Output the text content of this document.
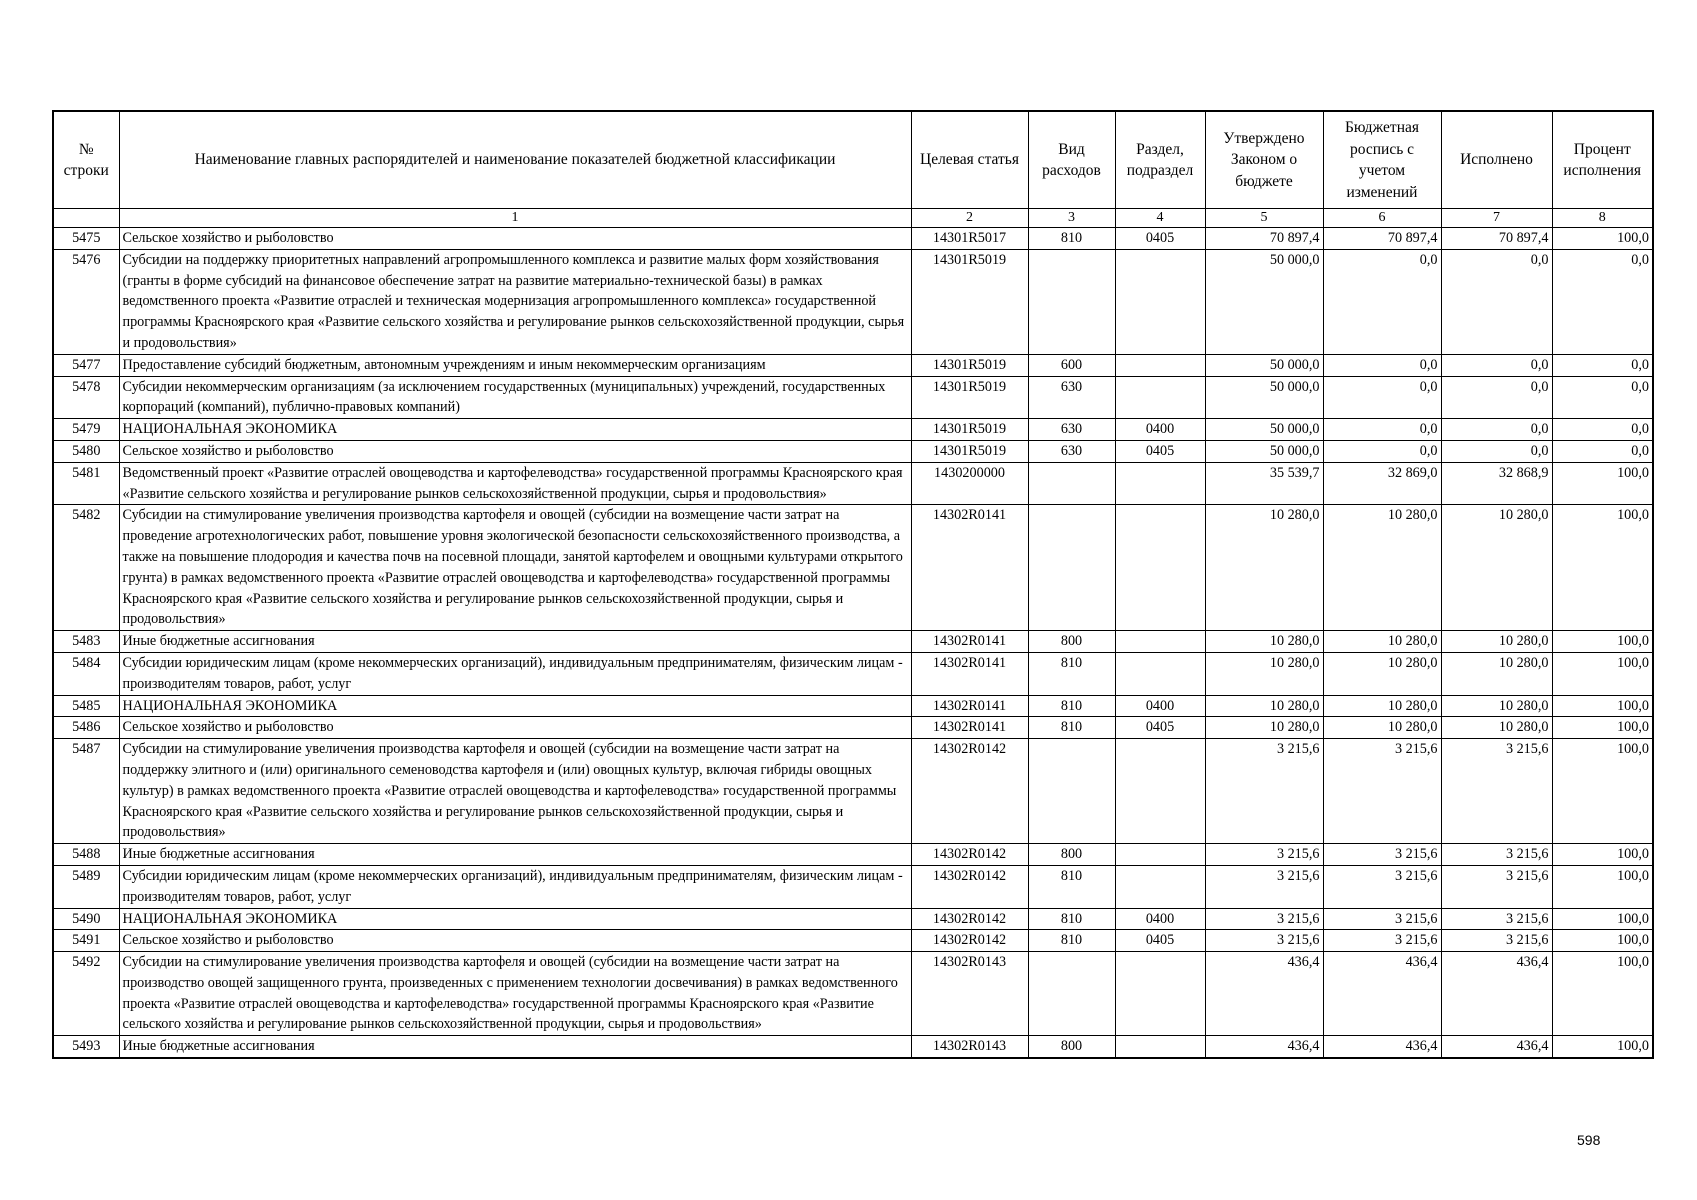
№ строки	Наименование главных распорядителей и наименование показателей бюджетной классификации	Целевая статья	Вид расходов	Раздел, подраздел	Утверждено Законом о бюджете	Бюджетная роспись с учетом изменений	Исполнено	Процент исполнения
	1	2	3	4	5	6	7	8
5475	Сельское хозяйство и рыболовство	14301R5017	810	0405	70 897,4	70 897,4	70 897,4	100,0
5476	Субсидии на поддержку приоритетных направлений агропромышленного комплекса и развитие малых форм хозяйствования (гранты в форме субсидий на финансовое обеспечение затрат на развитие материально-технической базы) в рамках ведомственного проекта «Развитие отраслей и техническая модернизация агропромышленного комплекса» государственной программы Красноярского края «Развитие сельского хозяйства и регулирование рынков сельскохозяйственной продукции, сырья и продовольствия»	14301R5019			50 000,0	0,0	0,0	0,0
5477	Предоставление субсидий бюджетным, автономным учреждениям и иным некоммерческим организациям	14301R5019	600		50 000,0	0,0	0,0	0,0
5478	Субсидии некоммерческим организациям (за исключением государственных (муниципальных) учреждений, государственных корпораций (компаний), публично-правовых компаний)	14301R5019	630		50 000,0	0,0	0,0	0,0
5479	НАЦИОНАЛЬНАЯ ЭКОНОМИКА	14301R5019	630	0400	50 000,0	0,0	0,0	0,0
5480	Сельское хозяйство и рыболовство	14301R5019	630	0405	50 000,0	0,0	0,0	0,0
5481	Ведомственный проект «Развитие отраслей овощеводства и картофелеводства» государственной программы Красноярского края «Развитие сельского хозяйства и регулирование рынков сельскохозяйственной продукции, сырья и продовольствия»	1430200000			35 539,7	32 869,0	32 868,9	100,0
5482	Субсидии на стимулирование увеличения производства картофеля и овощей (субсидии на возмещение части затрат на проведение агротехнологических работ, повышение уровня экологической безопасности сельскохозяйственного производства, а также на повышение плодородия и качества почв на посевной площади, занятой картофелем и овощными культурами открытого грунта) в рамках ведомственного проекта «Развитие отраслей овощеводства и картофелеводства» государственной программы Красноярского края «Развитие сельского хозяйства и регулирование рынков сельскохозяйственной продукции, сырья и продовольствия»	14302R0141			10 280,0	10 280,0	10 280,0	100,0
5483	Иные бюджетные ассигнования	14302R0141	800		10 280,0	10 280,0	10 280,0	100,0
5484	Субсидии юридическим лицам (кроме некоммерческих организаций), индивидуальным предпринимателям, физическим лицам - производителям товаров, работ, услуг	14302R0141	810		10 280,0	10 280,0	10 280,0	100,0
5485	НАЦИОНАЛЬНАЯ ЭКОНОМИКА	14302R0141	810	0400	10 280,0	10 280,0	10 280,0	100,0
5486	Сельское хозяйство и рыболовство	14302R0141	810	0405	10 280,0	10 280,0	10 280,0	100,0
5487	Субсидии на стимулирование увеличения производства картофеля и овощей (субсидии на возмещение части затрат на поддержку элитного и (или) оригинального семеноводства картофеля и (или) овощных культур, включая гибриды овощных культур) в рамках ведомственного проекта «Развитие отраслей овощеводства и картофелеводства» государственной программы Красноярского края «Развитие сельского хозяйства и регулирование рынков сельскохозяйственной продукции, сырья и продовольствия»	14302R0142			3 215,6	3 215,6	3 215,6	100,0
5488	Иные бюджетные ассигнования	14302R0142	800		3 215,6	3 215,6	3 215,6	100,0
5489	Субсидии юридическим лицам (кроме некоммерческих организаций), индивидуальным предпринимателям, физическим лицам - производителям товаров, работ, услуг	14302R0142	810		3 215,6	3 215,6	3 215,6	100,0
5490	НАЦИОНАЛЬНАЯ ЭКОНОМИКА	14302R0142	810	0400	3 215,6	3 215,6	3 215,6	100,0
5491	Сельское хозяйство и рыболовство	14302R0142	810	0405	3 215,6	3 215,6	3 215,6	100,0
5492	Субсидии на стимулирование увеличения производства картофеля и овощей (субсидии на возмещение части затрат на производство овощей защищенного грунта, произведенных с применением технологии досвечивания) в рамках ведомственного проекта «Развитие отраслей овощеводства и картофелеводства» государственной программы Красноярского края «Развитие сельского хозяйства и регулирование рынков сельскохозяйственной продукции, сырья и продовольствия»	14302R0143			436,4	436,4	436,4	100,0
5493	Иные бюджетные ассигнования	14302R0143	800		436,4	436,4	436,4	100,0
598
